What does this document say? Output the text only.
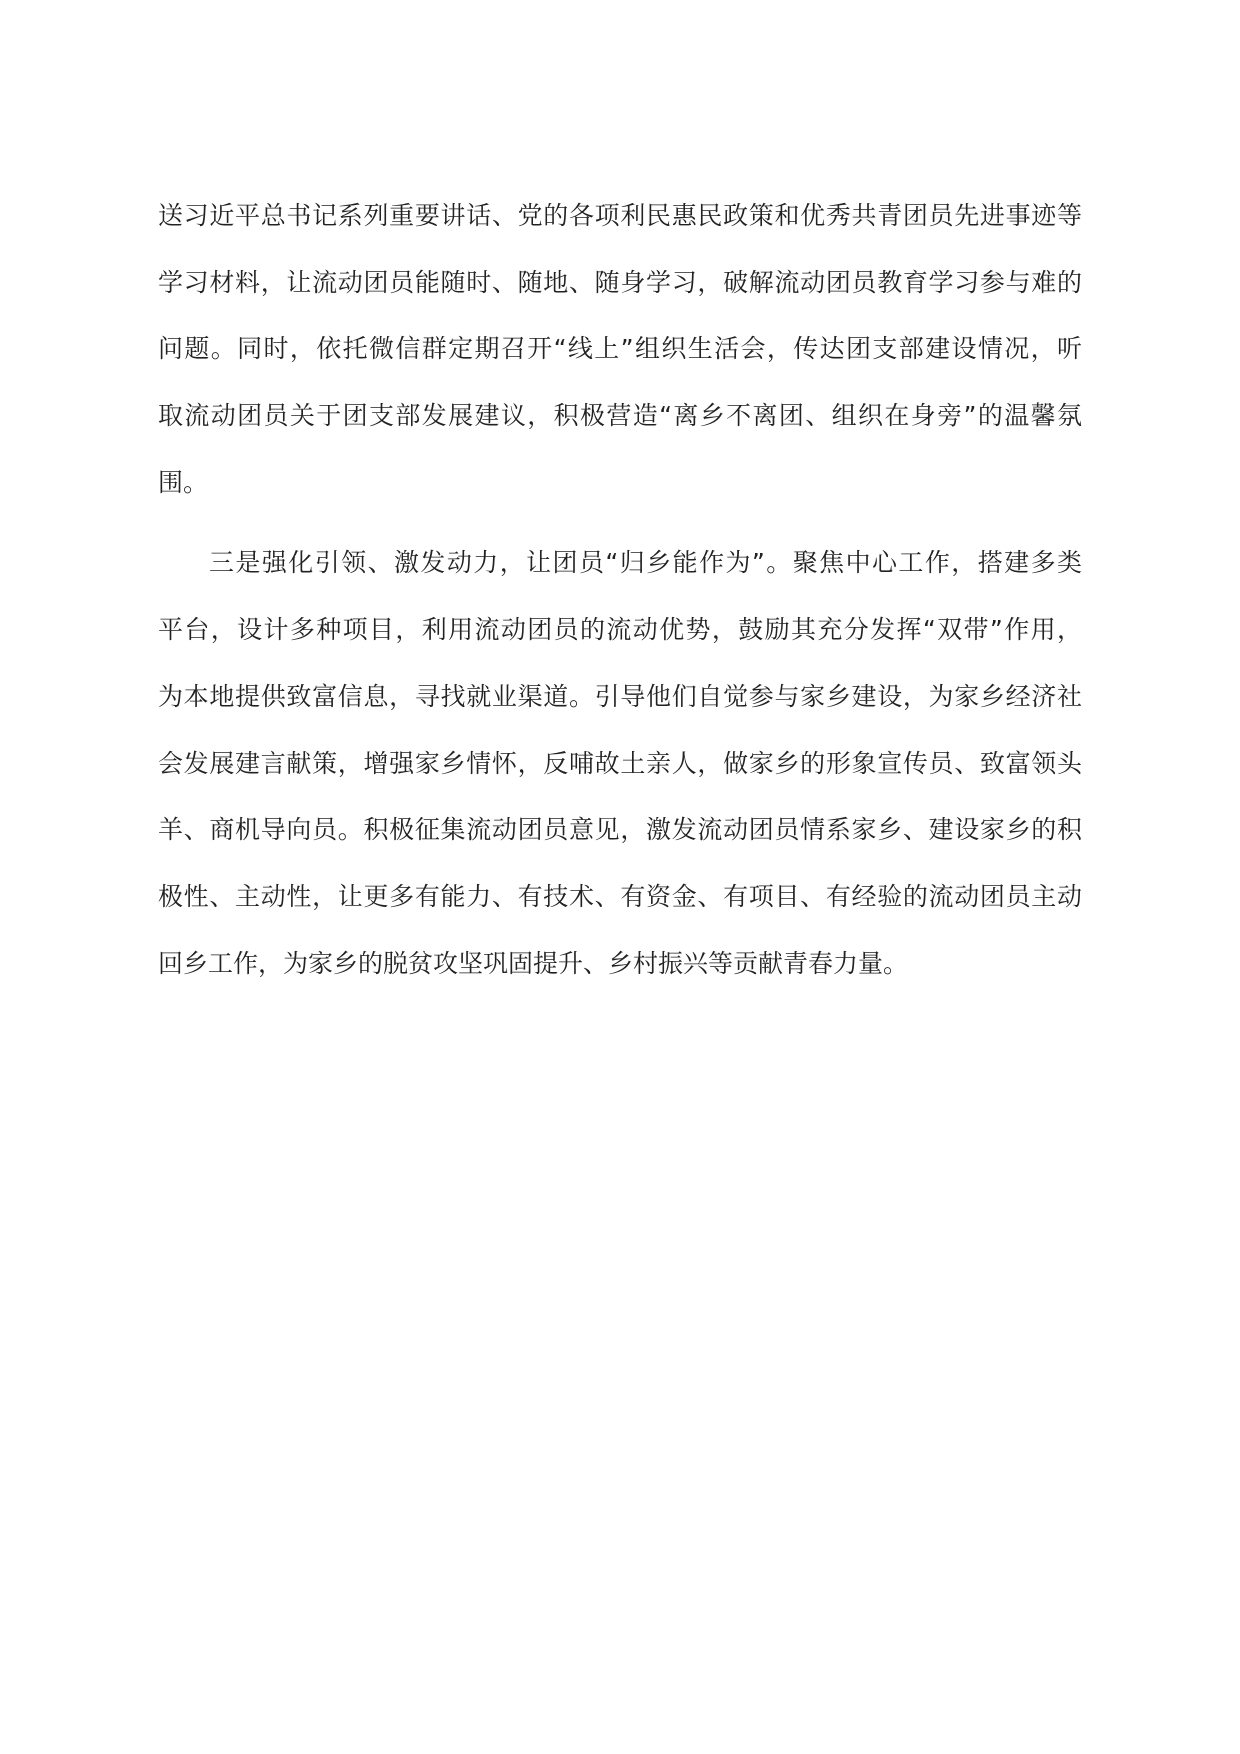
送习近平总书记系列重要讲话、党的各项利民惠民政策和优秀共青团员先进事迹等
学习材料，让流动团员能随时、随地、随身学习，破解流动团员教育学习参与难的
问题。同时，依托微信群定期召开“线上”组织生活会，传达团支部建设情况，听
取流动团员关于团支部发展建议，积极营造“离乡不离团、组织在身旁”的温馨氛
围。
三是强化引领、激发动力，让团员“归乡能作为”。聚焦中心工作，搭建多类
平台，设计多种项目，利用流动团员的流动优势，鼓励其充分发挥“双带”作用，
为本地提供致富信息，寻找就业渠道。引导他们自觉参与家乡建设，为家乡经济社
会发展建言献策，增强家乡情怀，反哺故土亲人，做家乡的形象宣传员、致富领头
羊、商机导向员。积极征集流动团员意见，激发流动团员情系家乡、建设家乡的积
极性、主动性，让更多有能力、有技术、有资金、有项目、有经验的流动团员主动
回乡工作，为家乡的脱贫攻坚巩固提升、乡村振兴等贡献青春力量。
